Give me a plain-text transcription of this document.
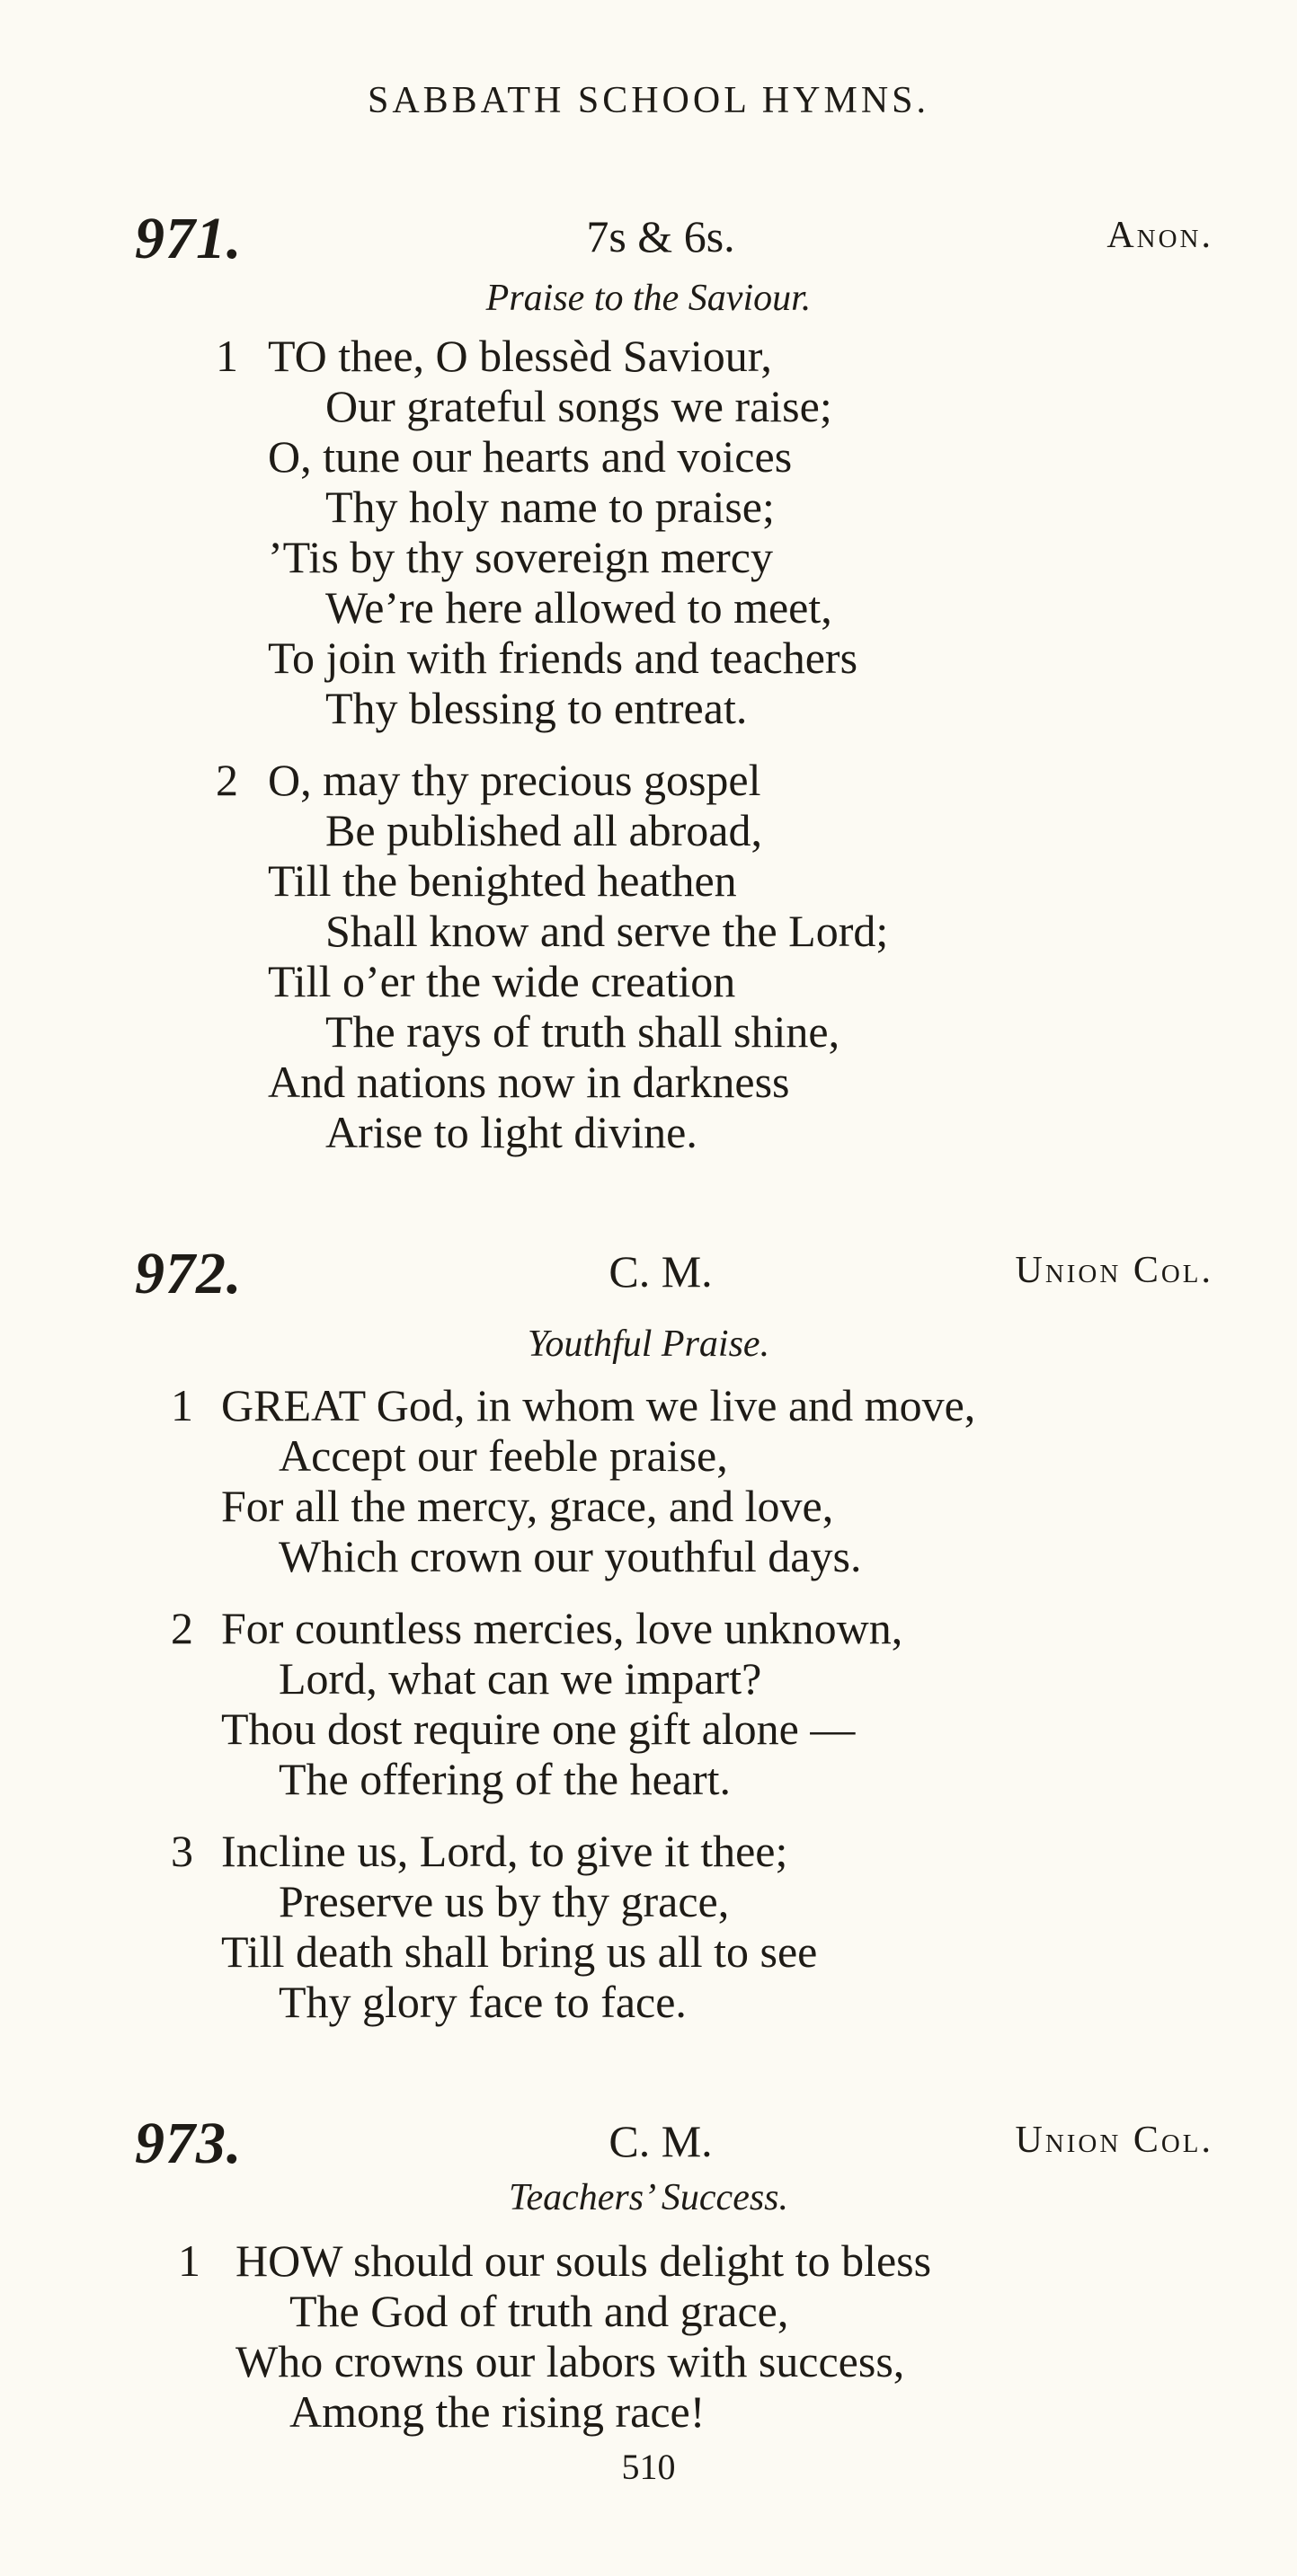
SABBATH SCHOOL HYMNS.
971.	7s & 6s.	Anon.
Praise to the Saviour.
1 TO thee, O blessèd Saviour,
Our grateful songs we raise;
O, tune our hearts and voices
Thy holy name to praise;
’Tis by thy sovereign mercy
We’re here allowed to meet,
To join with friends and teachers
Thy blessing to entreat.
2 O, may thy precious gospel
Be published all abroad,
Till the benighted heathen
Shall know and serve the Lord;
Till o’er the wide creation
The rays of truth shall shine,
And nations now in darkness
Arise to light divine.
972.	C. M.	Union Col.
Youthful Praise.
1 GREAT God, in whom we live and move,
Accept our feeble praise,
For all the mercy, grace, and love,
Which crown our youthful days.
2 For countless mercies, love unknown,
Lord, what can we impart?
Thou dost require one gift alone —
The offering of the heart.
3 Incline us, Lord, to give it thee;
Preserve us by thy grace,
Till death shall bring us all to see
Thy glory face to face.
973.	C. M.	Union Col.
Teachers’ Success.
1 HOW should our souls delight to bless
The God of truth and grace,
Who crowns our labors with success,
Among the rising race!
510
